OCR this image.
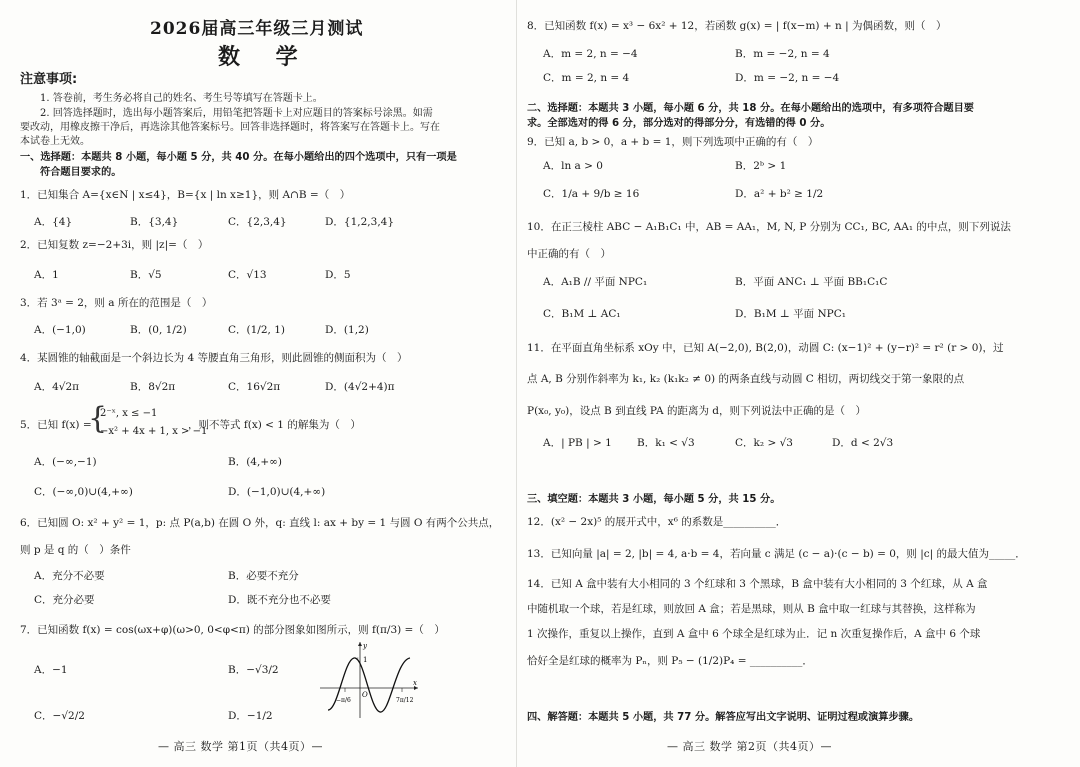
2026届高三年级三月测试
数 学
注意事项:
1. 答卷前，考生务必将自己的姓名、考生号等填写在答题卡上。
2. 回答选择题时，选出每小题答案后，用铅笔把答题卡上对应题目的答案标号涂黑。如需
要改动，用橡皮擦干净后，再选涂其他答案标号。回答非选择题时，将答案写在答题卡上。写在
本试卷上无效。
一、选择题：本题共 8 小题，每小题 5 分，共 40 分。在每小题给出的四个选项中，只有一项是
符合题目要求的。
1．已知集合 A={x∈N | x≤4}，B={x | ln x≥1}，则 A∩B =（　）
A．{4}	B．{3,4}	C．{2,3,4}	D．{1,2,3,4}
2．已知复数 z=−2+3i，则 |z|=（　）
A．1	B．√5	C．√13	D．5
3．若 3ᵃ = 2，则 a 所在的范围是（　）
A．(−1,0)	B．(0, 1/2)	C．(1/2, 1)	D．(1,2)
4．某圆锥的轴截面是一个斜边长为 4 等腰直角三角形，则此圆锥的侧面积为（　）
A．4√2π	B．8√2π	C．16√2π	D．(4√2+4)π
5．已知 f(x) =
{
2⁻ˣ, x ≤ −1
−x² + 4x + 1, x > −1
，则不等式 f(x) < 1 的解集为（　）
A．(−∞,−1)	B．(4,+∞)
C．(−∞,0)∪(4,+∞)	D．(−1,0)∪(4,+∞)
6．已知圆 O: x² + y² = 1，p: 点 P(a,b) 在圆 O 外，q: 直线 l: ax + by = 1 与圆 O 有两个公共点，
则 p 是 q 的（　）条件
A．充分不必要	B．必要不充分
C．充分必要	D．既不充分也不必要
7．已知函数 f(x) = cos(ωx+φ)(ω>0, 0<φ<π) 的部分图象如图所示，则 f(π/3) =（　）
A．−1	B．−√3/2
C．−√2/2	D．−1/2
1
O
x
y
−π/6	7π/12
— 高三 数学 第1页（共4页）—
8．已知函数 f(x) = x³ − 6x² + 12，若函数 g(x) = | f(x−m) + n | 为偶函数，则（　）
A．m = 2, n = −4	B．m = −2, n = 4
C．m = 2, n = 4	D．m = −2, n = −4
二、选择题：本题共 3 小题，每小题 6 分，共 18 分。在每小题给出的选项中，有多项符合题目要
求。全部选对的得 6 分，部分选对的得部分分，有选错的得 0 分。
9．已知 a, b > 0，a + b = 1，则下列选项中正确的有（　）
A．ln a > 0	B．2ᵇ > 1
C．1/a + 9/b ≥ 16	D．a² + b² ≥ 1/2
10．在正三棱柱 ABC − A₁B₁C₁ 中，AB = AA₁，M, N, P 分别为 CC₁, BC, AA₁ 的中点，则下列说法
中正确的有（　）
A．A₁B // 平面 NPC₁	B．平面 ANC₁ ⊥ 平面 BB₁C₁C
C．B₁M ⊥ AC₁	D．B₁M ⊥ 平面 NPC₁
11．在平面直角坐标系 xOy 中，已知 A(−2,0), B(2,0)，动圆 C: (x−1)² + (y−r)² = r² (r > 0)，过
点 A, B 分别作斜率为 k₁, k₂ (k₁k₂ ≠ 0) 的两条直线与动圆 C 相切，两切线交于第一象限的点
P(x₀, y₀)，设点 B 到直线 PA 的距离为 d，则下列说法中正确的是（　）
A．| PB | > 1 B．k₁ < √3	C．k₂ > √3	D．d < 2√3
三、填空题：本题共 3 小题，每小题 5 分，共 15 分。
12．(x² − 2x)⁵ 的展开式中，x⁶ 的系数是__________．
13．已知向量 |a| = 2, |b| = 4, a·b = 4，若向量 c 满足 (c − a)·(c − b) = 0，则 |c| 的最大值为_____．
14．已知 A 盒中装有大小相同的 3 个红球和 3 个黑球，B 盒中装有大小相同的 3 个红球，从 A 盒
中随机取一个球，若是红球，则放回 A 盒；若是黑球，则从 B 盒中取一红球与其替换，这样称为
1 次操作，重复以上操作，直到 A 盒中 6 个球全是红球为止．记 n 次重复操作后，A 盒中 6 个球
恰好全是红球的概率为 Pₙ，则 P₅ − (1/2)P₄ = __________．
四、解答题：本题共 5 小题，共 77 分。解答应写出文字说明、证明过程或演算步骤。
— 高三 数学 第2页（共4页）—
